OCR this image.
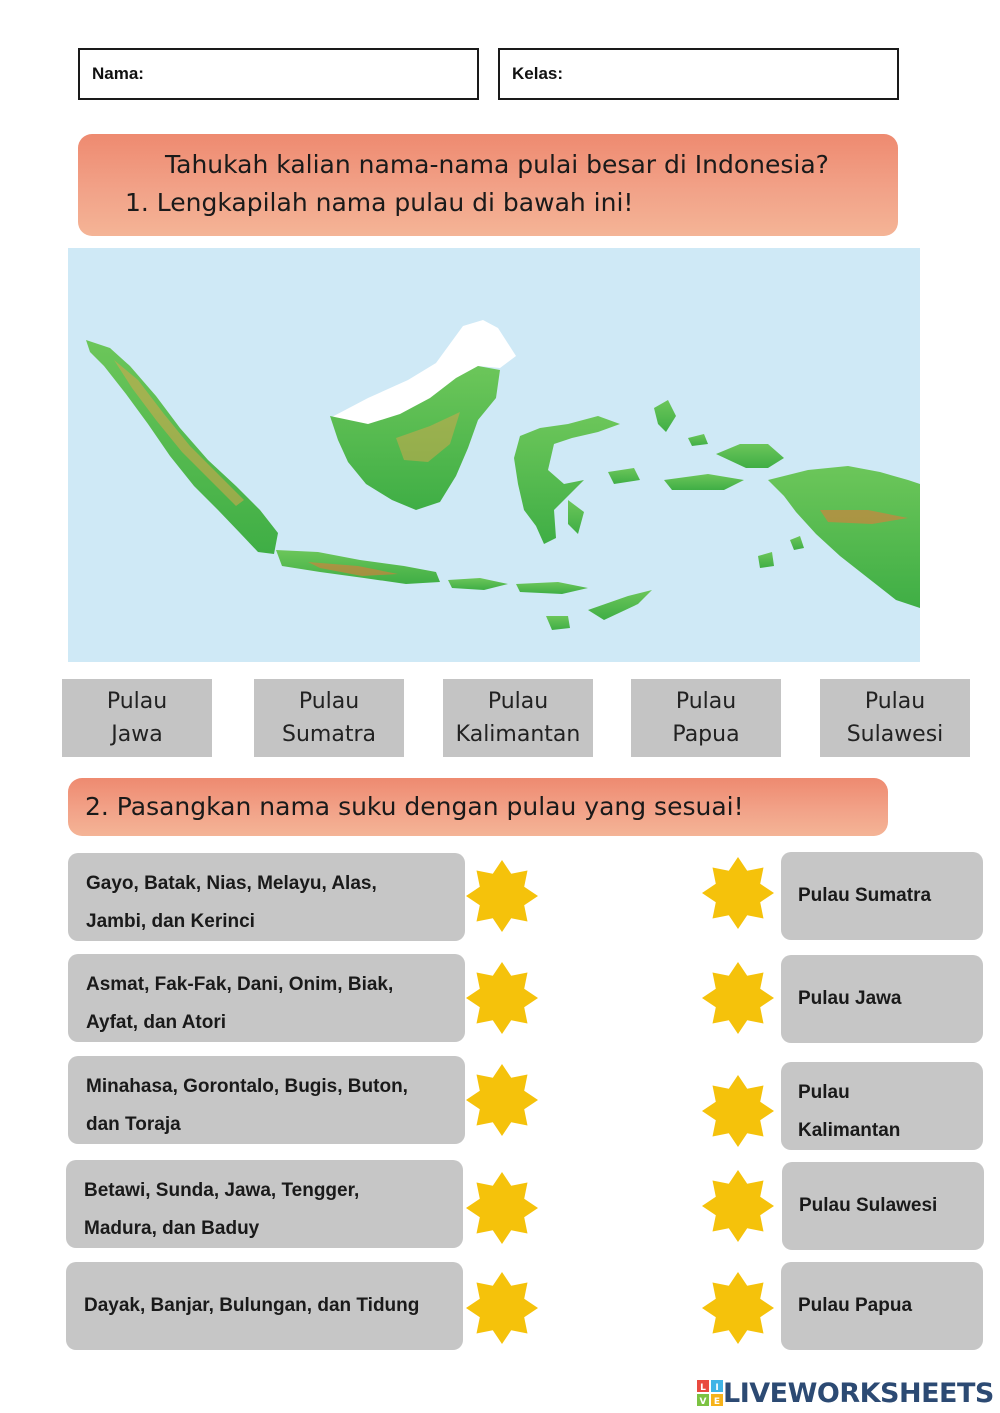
Nama:	Kelas:
Tahukah kalian nama-nama pulai besar di Indonesia?
1. Lengkapilah nama pulau di bawah ini!
Pulau
Jawa
Pulau
Sumatra
Pulau
Kalimantan
Pulau
Papua
Pulau
Sulawesi
2. Pasangkan nama suku dengan pulau yang sesuai!
Gayo, Batak, Nias, Melayu, Alas,
Jambi, dan Kerinci
Asmat, Fak-Fak, Dani, Onim, Biak,
Ayfat, dan Atori
Minahasa, Gorontalo, Bugis, Buton,
dan Toraja
Betawi, Sunda, Jawa, Tengger,
Madura, dan Baduy
Dayak, Banjar, Bulungan, dan Tidung
Pulau Sumatra
Pulau Jawa
Pulau
Kalimantan
Pulau Sulawesi
Pulau Papua
L I
V E LIVEWORKSHEETS
